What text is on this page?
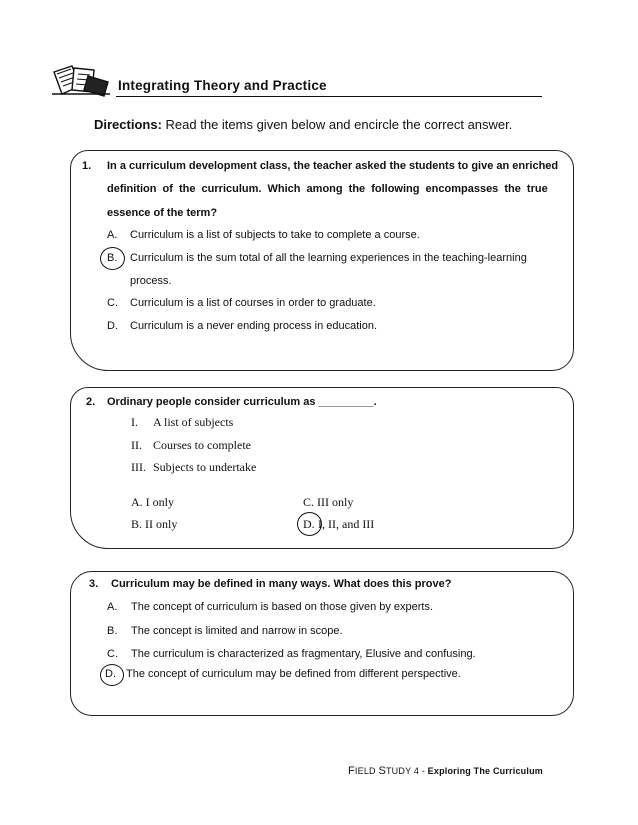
Integrating Theory and Practice
Directions: Read the items given below and encircle the correct answer.
1. In a curriculum development class, the teacher asked the students to give an enriched
definition of the curriculum. Which among the following encompasses the true
essence of the term?
A. Curriculum is a list of subjects to take to complete a course.
B. Curriculum is the sum total of all the learning experiences in the teaching-learning
process.
C. Curriculum is a list of courses in order to graduate.
D. Curriculum is a never ending process in education.
2. Ordinary people consider curriculum as _________.
I. A list of subjects
II. Courses to complete
III. Subjects to undertake
A. I only	C. III only
B. II only	D. I, II, and III
3. Curriculum may be defined in many ways. What does this prove?
A. The concept of curriculum is based on those given by experts.
B. The concept is limited and narrow in scope.
C. The curriculum is characterized as fragmentary, Elusive and confusing.
D. The concept of curriculum may be defined from different perspective.
FIELD STUDY 4 - Exploring The Curriculum
